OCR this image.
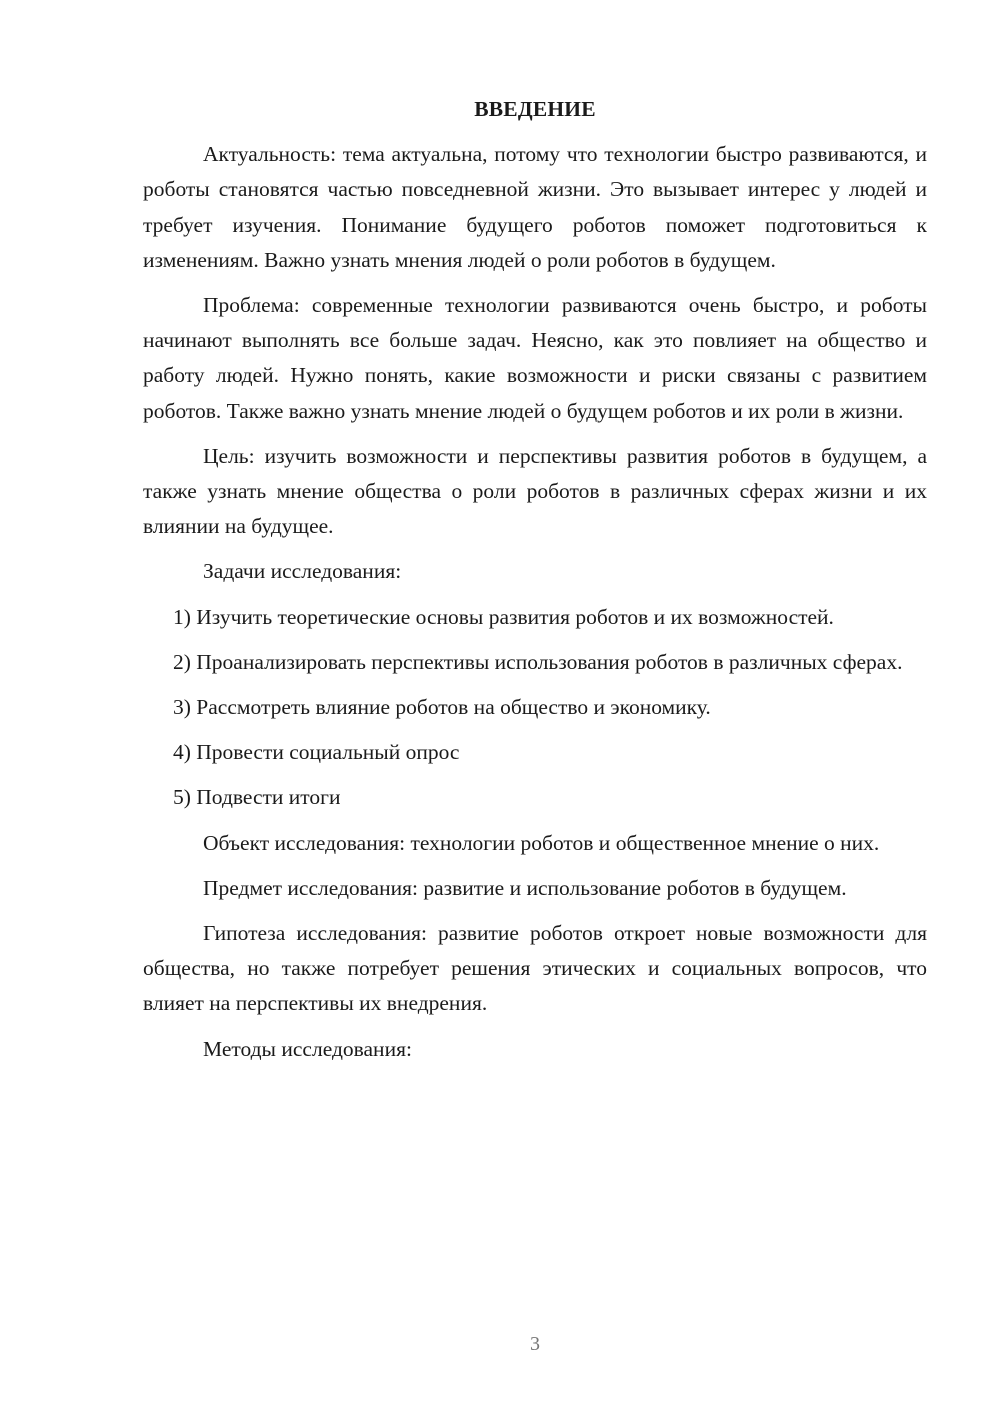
ВВЕДЕНИЕ

Актуальность: тема актуальна, потому что технологии быстро развиваются, и роботы становятся частью повседневной жизни. Это вызывает интерес у людей и требует изучения. Понимание будущего роботов поможет подготовиться к изменениям. Важно узнать мнения людей о роли роботов в будущем.

Проблема: современные технологии развиваются очень быстро, и роботы начинают выполнять все больше задач. Неясно, как это повлияет на общество и работу людей. Нужно понять, какие возможности и риски связаны с развитием роботов. Также важно узнать мнение людей о будущем роботов и их роли в жизни.

Цель: изучить возможности и перспективы развития роботов в будущем, а также узнать мнение общества о роли роботов в различных сферах жизни и их влиянии на будущее.

Задачи исследования:

1) Изучить теоретические основы развития роботов и их возможностей.

2) Проанализировать перспективы использования роботов в различных сферах.

3) Рассмотреть влияние роботов на общество и экономику.

4) Провести социальный опрос

5) Подвести итоги

Объект исследования: технологии роботов и общественное мнение о них.

Предмет исследования: развитие и использование роботов в будущем.

Гипотеза исследования: развитие роботов откроет новые возможности для общества, но также потребует решения этических и социальных вопросов, что влияет на перспективы их внедрения.

Методы исследования:

3
